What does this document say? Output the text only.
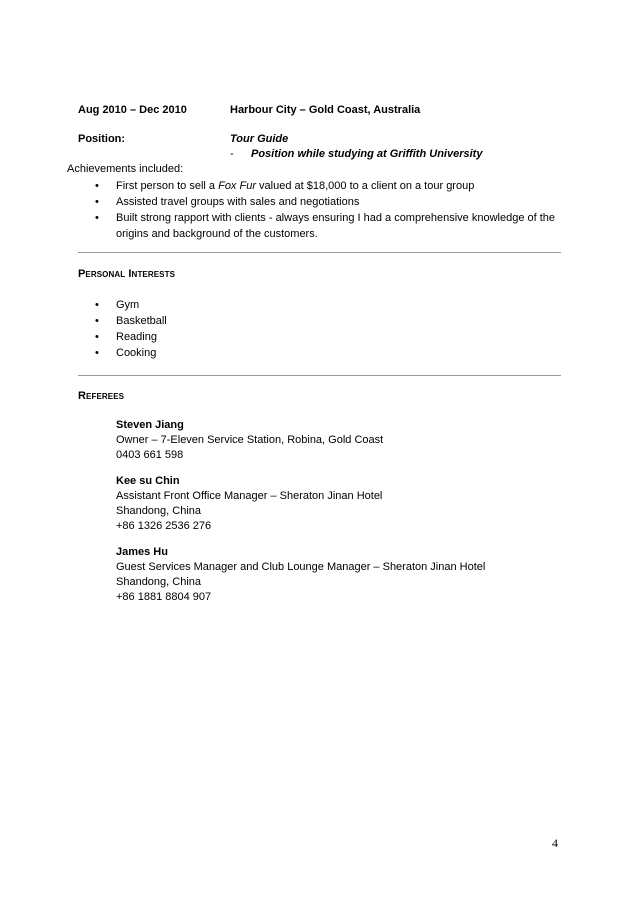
Aug 2010 – Dec 2010	Harbour City – Gold Coast, Australia
Position:	Tour Guide
- Position while studying at Griffith University
Achievements included:
• First person to sell a Fox Fur valued at $18,000 to a client on a tour group
• Assisted travel groups with sales and negotiations
• Built strong rapport with clients - always ensuring I had a comprehensive knowledge of the
origins and background of the customers.
Personal Interests
• Gym
• Basketball
• Reading
• Cooking
Referees
Steven Jiang
Owner – 7-Eleven Service Station, Robina, Gold Coast
0403 661 598
Kee su Chin
Assistant Front Office Manager – Sheraton Jinan Hotel
Shandong, China
+86 1326 2536 276
James Hu
Guest Services Manager and Club Lounge Manager – Sheraton Jinan Hotel
Shandong, China
+86 1881 8804 907
4
